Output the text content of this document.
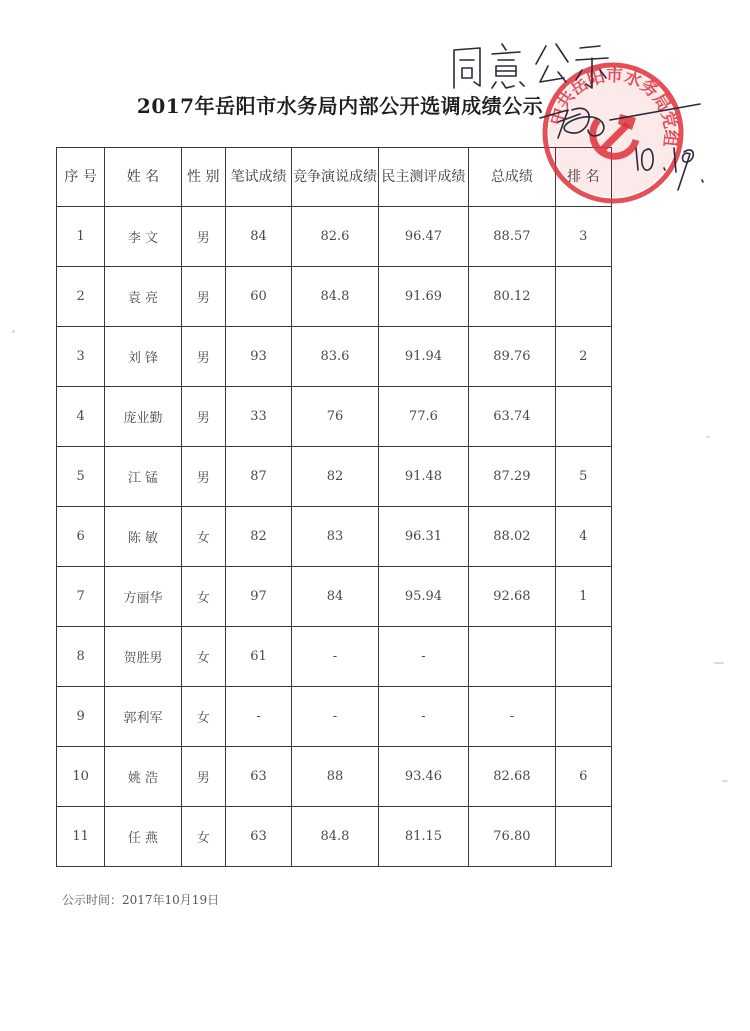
2017年岳阳市水务局内部公开选调成绩公示
序 号	姓 名	性 别	笔试成绩	竞争演说成绩	民主测评成绩	总成绩	排 名
1	李 文	男	84	82.6	96.47	88.57	3
2	袁 亮	男	60	84.8	91.69	80.12	
3	刘 锋	男	93	83.6	91.94	89.76	2
4	庞业勤	男	33	76	77.6	63.74	
5	江 锰	男	87	82	91.48	87.29	5
6	陈 敏	女	82	83	96.31	88.02	4
7	方丽华	女	97	84	95.94	92.68	1
8	贺胜男	女	61	-	-		
9	郭利军	女	-	-	-	-	
10	姚 浩	男	63	88	93.46	82.68	6
11	任 燕	女	63	84.8	81.15	76.80	
公示时间：2017年10月19日
中共岳阳市水务局党组
